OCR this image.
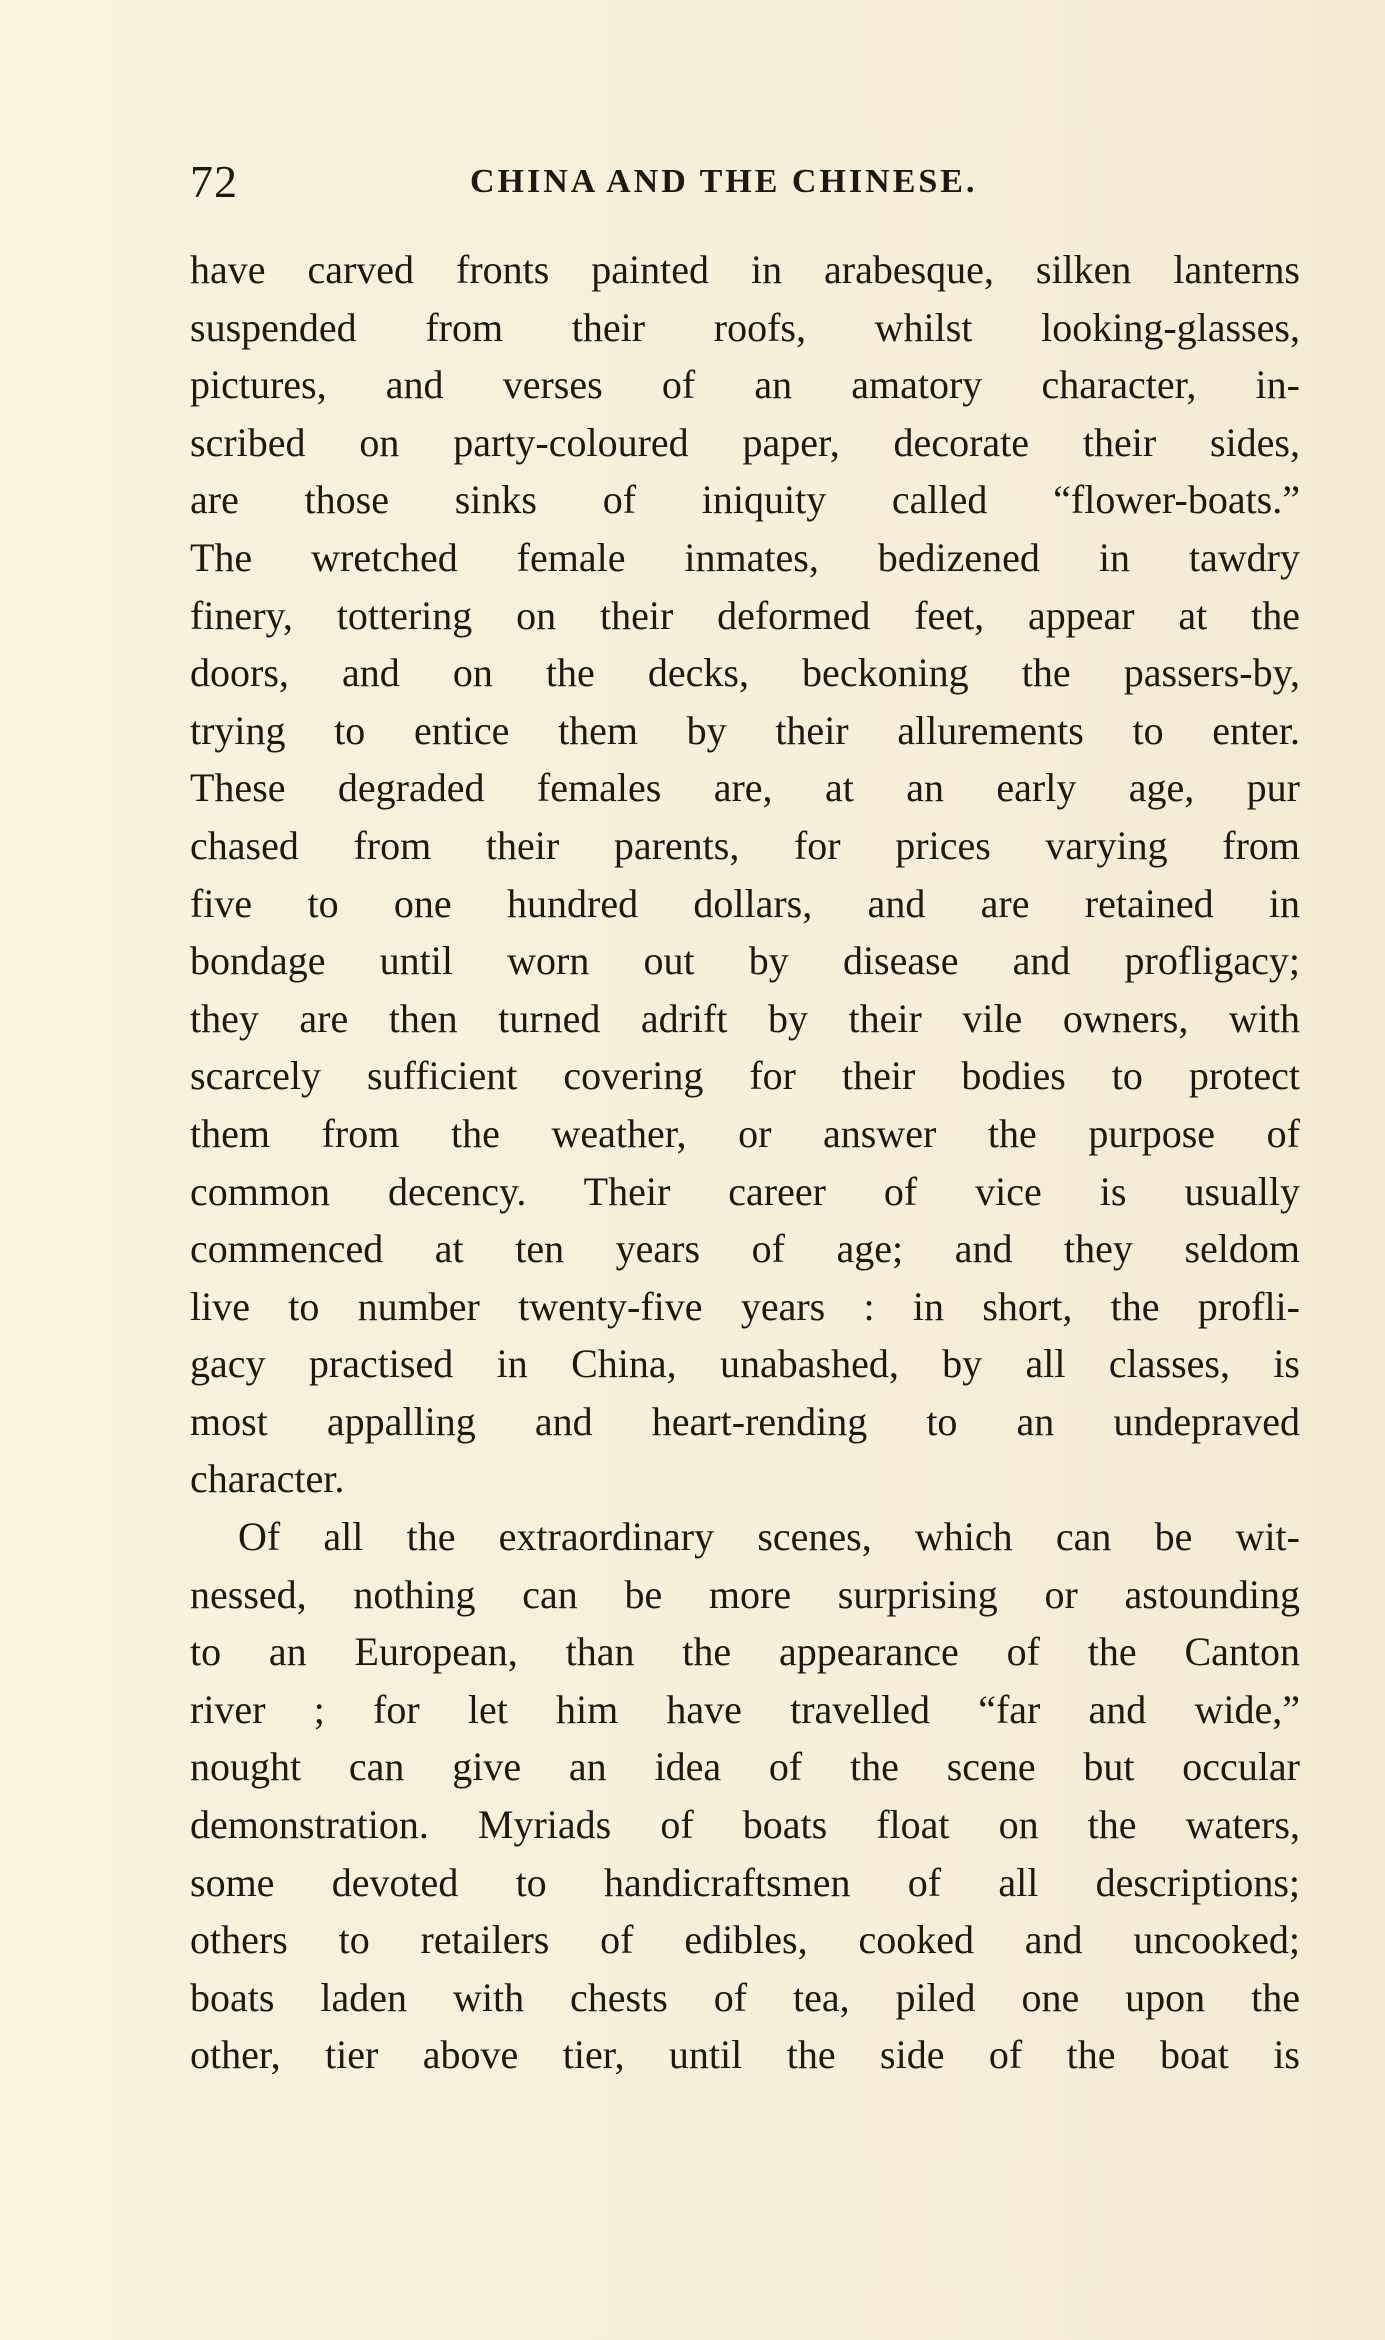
72	CHINA AND THE CHINESE.
have carved fronts painted in arabesque, silken lanterns
suspended from their roofs, whilst looking-glasses,
pictures, and verses of an amatory character, in-
scribed on party-coloured paper, decorate their sides,
are those sinks of iniquity called “flower-boats.”
The wretched female inmates, bedizened in tawdry
finery, tottering on their deformed feet, appear at the
doors, and on the decks, beckoning the passers-by,
trying to entice them by their allurements to enter.
These degraded females are, at an early age, pur
chased from their parents, for prices varying from
five to one hundred dollars, and are retained in
bondage until worn out by disease and profligacy;
they are then turned adrift by their vile owners, with
scarcely sufficient covering for their bodies to protect
them from the weather, or answer the purpose of
common decency. Their career of vice is usually
commenced at ten years of age; and they seldom
live to number twenty-five years : in short, the profli-
gacy practised in China, unabashed, by all classes, is
most appalling and heart-rending to an undepraved
character.
Of all the extraordinary scenes, which can be wit-
nessed, nothing can be more surprising or astounding
to an European, than the appearance of the Canton
river ; for let him have travelled “far and wide,”
nought can give an idea of the scene but occular
demonstration. Myriads of boats float on the waters,
some devoted to handicraftsmen of all descriptions;
others to retailers of edibles, cooked and uncooked;
boats laden with chests of tea, piled one upon the
other, tier above tier, until the side of the boat is
